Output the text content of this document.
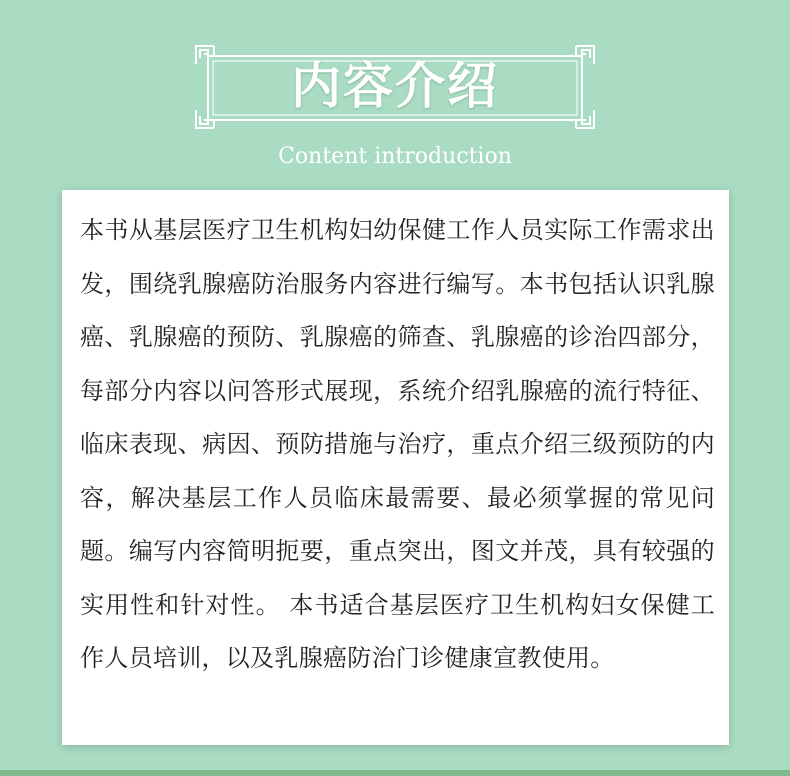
内容介绍
Content introduction

本书从基层医疗卫生机构妇幼保健工作人员实际工作需求出发，围绕乳腺癌防治服务内容进行编写。本书包括认识乳腺癌、乳腺癌的预防、乳腺癌的筛查、乳腺癌的诊治四部分，每部分内容以问答形式展现，系统介绍乳腺癌的流行特征、临床表现、病因、预防措施与治疗，重点介绍三级预防的内容，解决基层工作人员临床最需要、最必须掌握的常见问题。编写内容简明扼要，重点突出，图文并茂，具有较强的实用性和针对性。 本书适合基层医疗卫生机构妇女保健工作人员培训，以及乳腺癌防治门诊健康宣教使用。
